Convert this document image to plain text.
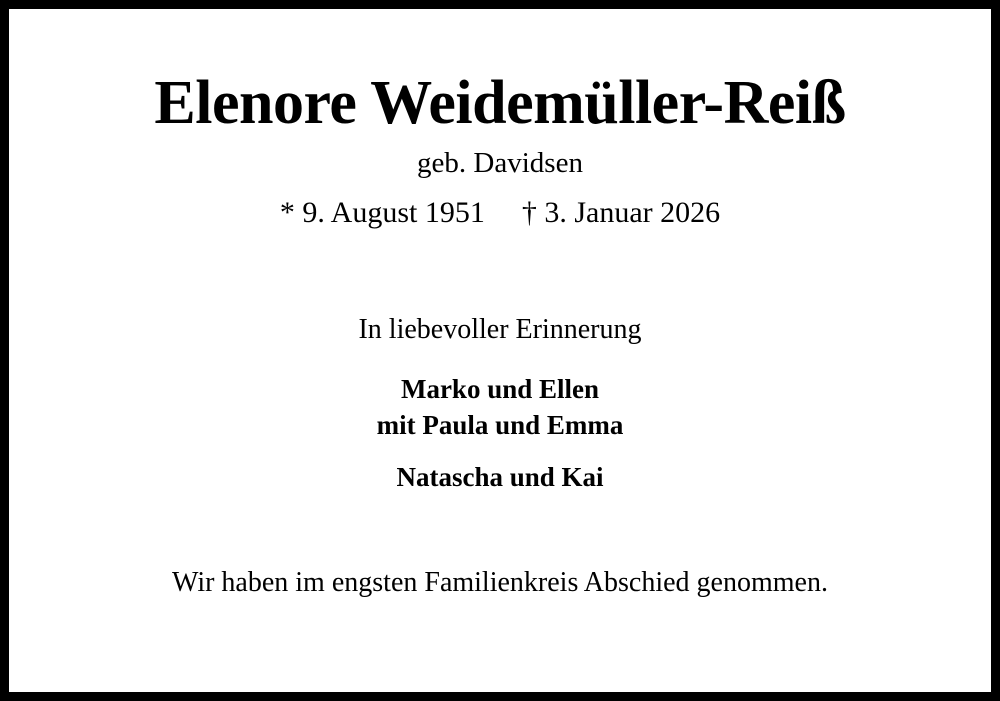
Elenore Weidemüller-Reiß
geb. Davidsen
* 9. August 1951 † 3. Januar 2026
In liebevoller Erinnerung
Marko und Ellen
mit Paula und Emma
Natascha und Kai
Wir haben im engsten Familienkreis Abschied genommen.
